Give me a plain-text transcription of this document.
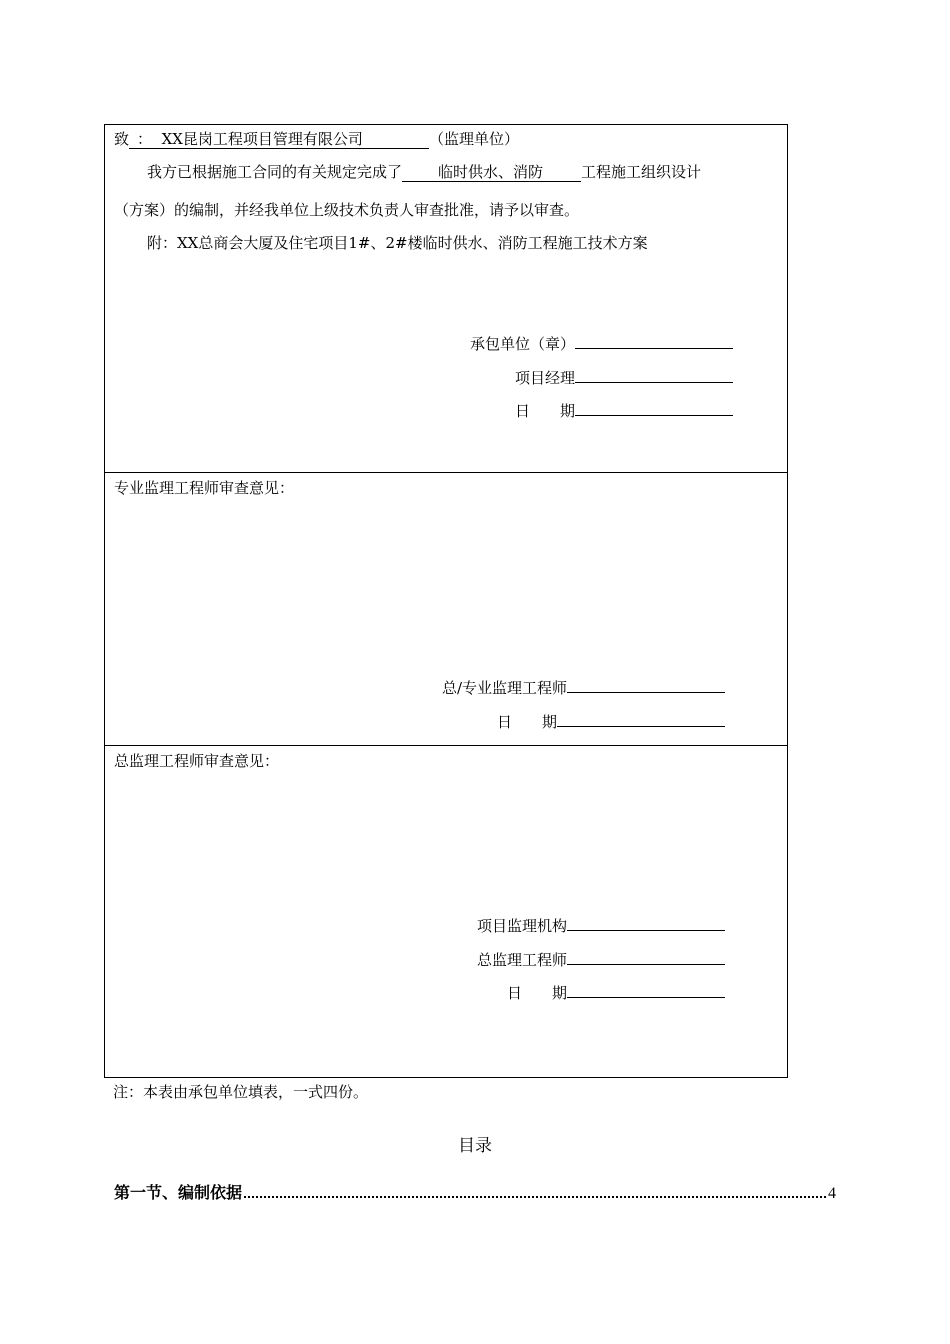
致 ： XX昆岗工程项目管理有限公司	（监理单位）
我方已根据施工合同的有关规定完成了 临时供水、消防	工程施工组织设计
（方案）的编制，并经我单位上级技术负责人审查批准，请予以审查。
附：XX总商会大厦及住宅项目1#、2#楼临时供水、消防工程施工技术方案
承包单位（章）
项目经理
日　　期
专业监理工程师审查意见：
总/专业监理工程师
日　　期
总监理工程师审查意见：
项目监理机构
总监理工程师
日　　期
注：本表由承包单位填表，一式四份。
目录
第一节、编制依据	4
